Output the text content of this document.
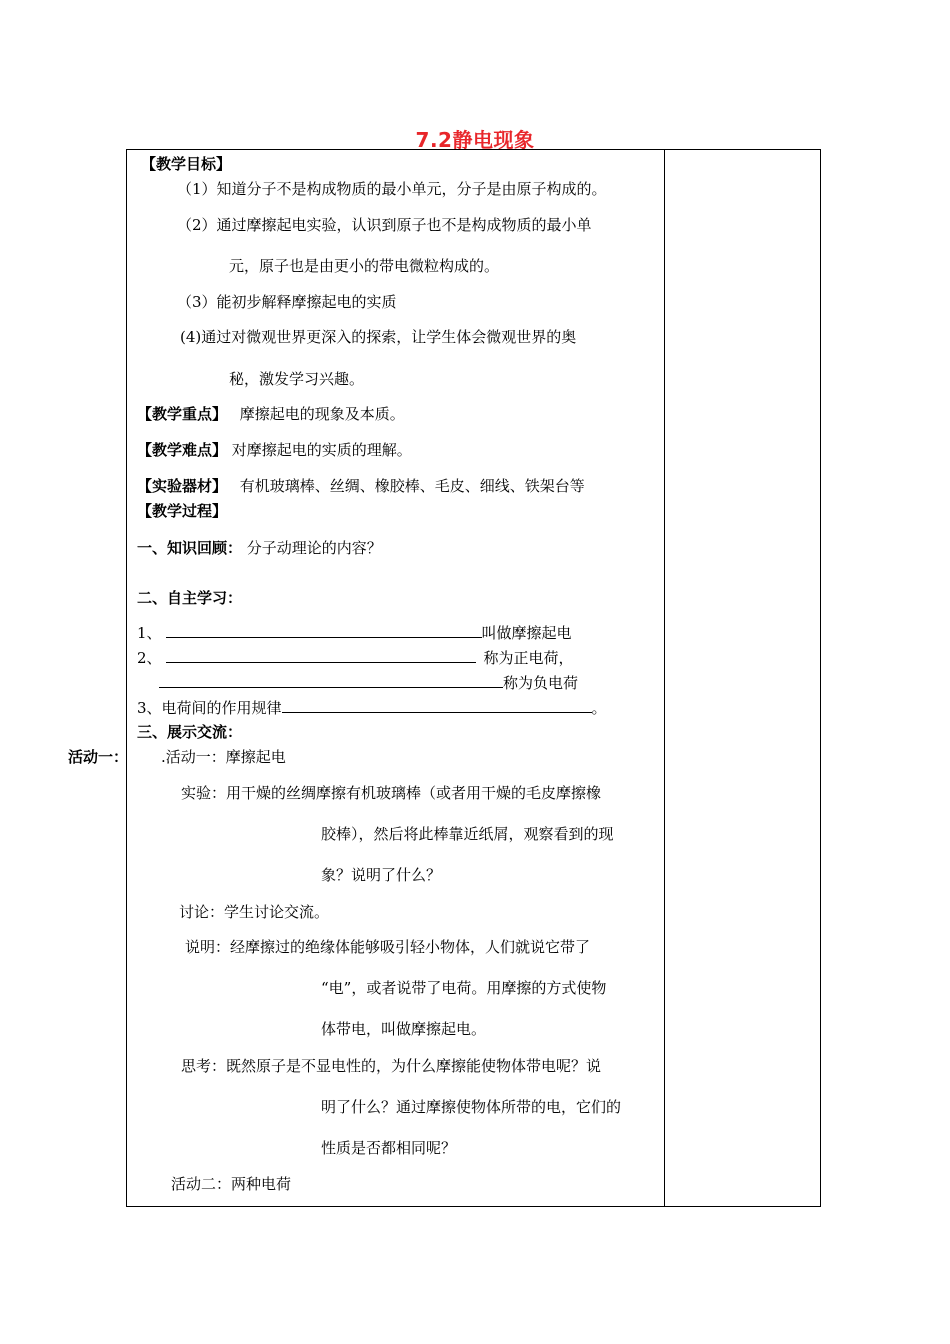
7.2静电现象
活动一：
【教学目标】
（1）知道分子不是构成物质的最小单元，分子是由原子构成的。
（2）通过摩擦起电实验，认识到原子也不是构成物质的最小单
元，原子也是由更小的带电微粒构成的。
（3）能初步解释摩擦起电的实质
(4)通过对微观世界更深入的探索，让学生体会微观世界的奥
秘，激发学习兴趣。
【教学重点】 摩擦起电的现象及本质。
【教学难点】 对摩擦起电的实质的理解。
【实验器材】 有机玻璃棒、丝绸、橡胶棒、毛皮、细线、铁架台等
【教学过程】
一、知识回顾： 分子动理论的内容？
二、自主学习：
1、	叫做摩擦起电
2、	称为正电荷，
称为负电荷
3、电荷间的作用规律	。
三、展示交流：
.活动一：摩擦起电
实验：用干燥的丝绸摩擦有机玻璃棒（或者用干燥的毛皮摩擦橡
胶棒），然后将此棒靠近纸屑，观察看到的现
象？说明了什么？
讨论：学生讨论交流。
说明：经摩擦过的绝缘体能够吸引轻小物体，人们就说它带了
“电”，或者说带了电荷。用摩擦的方式使物
体带电，叫做摩擦起电。
思考：既然原子是不显电性的，为什么摩擦能使物体带电呢？说
明了什么？通过摩擦使物体所带的电，它们的
性质是否都相同呢？
活动二：两种电荷
